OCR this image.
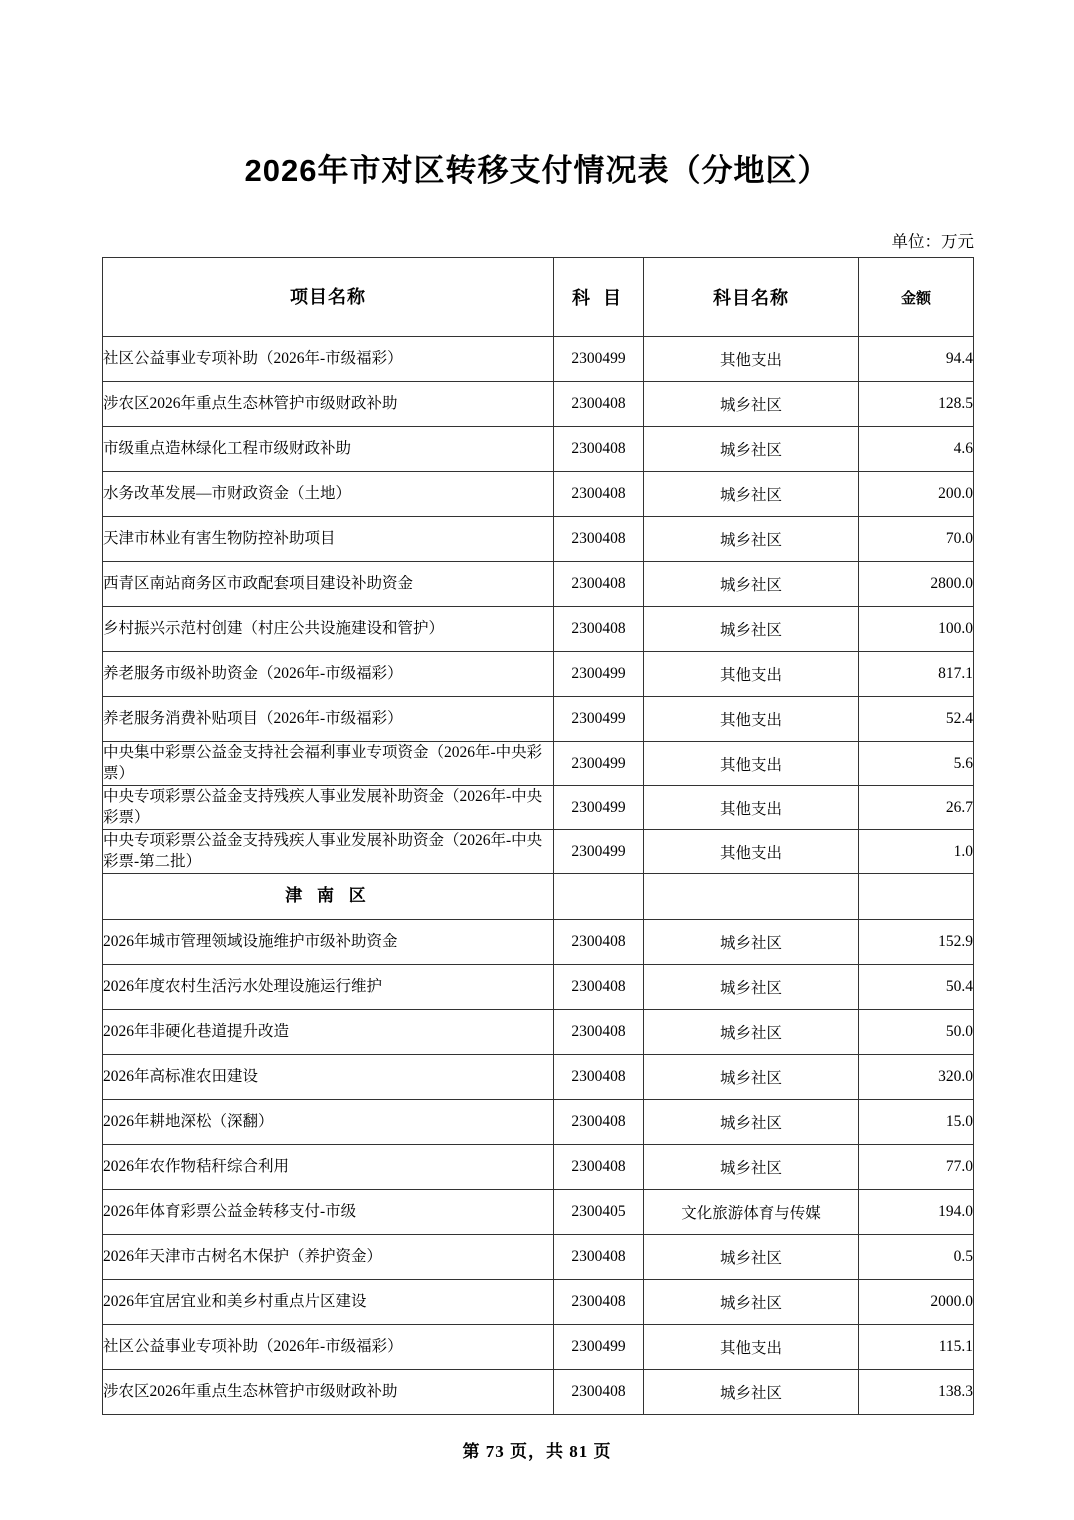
2026年市对区转移支付情况表（分地区）
单位：万元
项目名称	科 目	科目名称	金额
社区公益事业专项补助（2026年-市级福彩）	2300499	其他支出	94.4
涉农区2026年重点生态林管护市级财政补助	2300408	城乡社区	128.5
市级重点造林绿化工程市级财政补助	2300408	城乡社区	4.6
水务改革发展—市财政资金（土地）	2300408	城乡社区	200.0
天津市林业有害生物防控补助项目	2300408	城乡社区	70.0
西青区南站商务区市政配套项目建设补助资金	2300408	城乡社区	2800.0
乡村振兴示范村创建（村庄公共设施建设和管护）	2300408	城乡社区	100.0
养老服务市级补助资金（2026年-市级福彩）	2300499	其他支出	817.1
养老服务消费补贴项目（2026年-市级福彩）	2300499	其他支出	52.4
中央集中彩票公益金支持社会福利事业专项资金（2026年-中央彩票）	2300499	其他支出	5.6
中央专项彩票公益金支持残疾人事业发展补助资金（2026年-中央彩票）	2300499	其他支出	26.7
中央专项彩票公益金支持残疾人事业发展补助资金（2026年-中央彩票-第二批）	2300499	其他支出	1.0
津 南 区			
2026年城市管理领域设施维护市级补助资金	2300408	城乡社区	152.9
2026年度农村生活污水处理设施运行维护	2300408	城乡社区	50.4
2026年非硬化巷道提升改造	2300408	城乡社区	50.0
2026年高标准农田建设	2300408	城乡社区	320.0
2026年耕地深松（深翻）	2300408	城乡社区	15.0
2026年农作物秸秆综合利用	2300408	城乡社区	77.0
2026年体育彩票公益金转移支付-市级	2300405	文化旅游体育与传媒	194.0
2026年天津市古树名木保护（养护资金）	2300408	城乡社区	0.5
2026年宜居宜业和美乡村重点片区建设	2300408	城乡社区	2000.0
社区公益事业专项补助（2026年-市级福彩）	2300499	其他支出	115.1
涉农区2026年重点生态林管护市级财政补助	2300408	城乡社区	138.3
第 73 页，共 81 页
